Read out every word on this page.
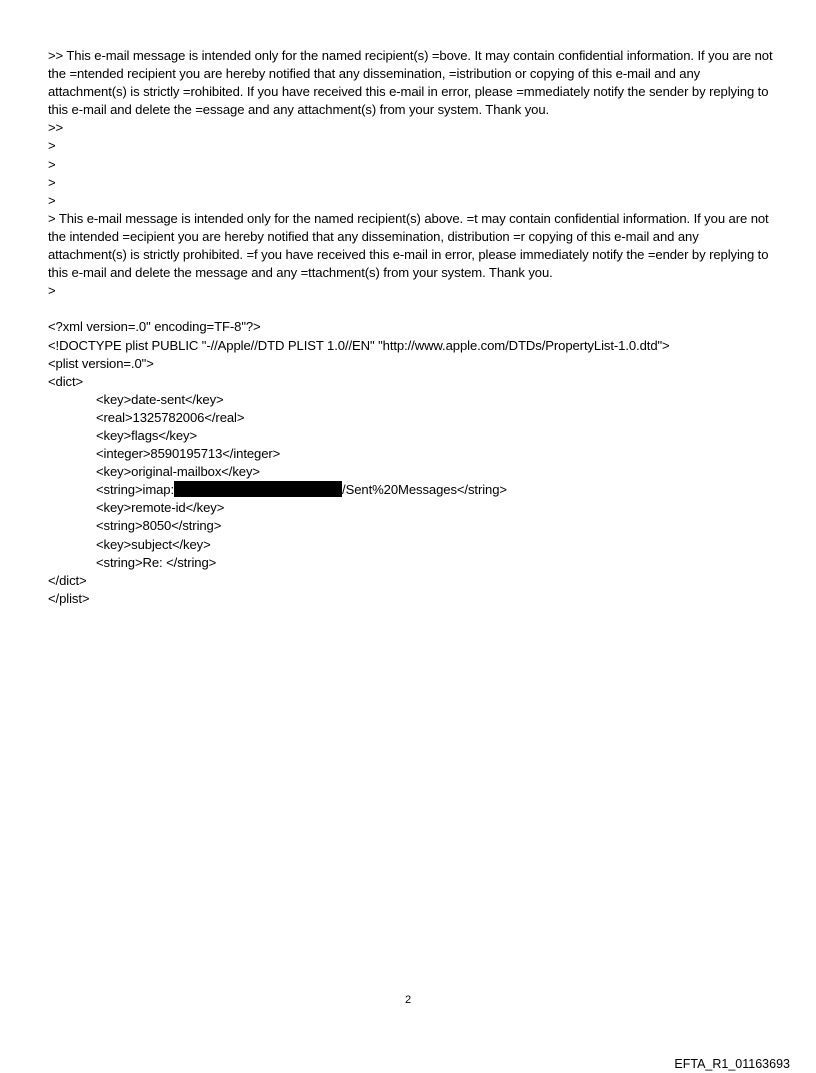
>> This e-mail message is intended only for the named recipient(s) =bove. It may contain confidential information. If you are not the =ntended recipient you are hereby notified that any dissemination, =istribution or copying of this e-mail and any attachment(s) is strictly =rohibited. If you have received this e-mail in error, please =mmediately notify the sender by replying to this e-mail and delete the =essage and any attachment(s) from your system. Thank you.

>>
>
>
>
>

> This e-mail message is intended only for the named recipient(s) above. =t may contain confidential information. If you are not the intended =ecipient you are hereby notified that any dissemination, distribution =r copying of this e-mail and any attachment(s) is strictly prohibited. =f you have received this e-mail in error, please immediately notify the =ender by replying to this e-mail and delete the message and any =ttachment(s) from your system. Thank you.

>
<?xml version=.0" encoding=TF-8"?>
<!DOCTYPE plist PUBLIC "-//Apple//DTD PLIST 1.0//EN" "http://www.apple.com/DTDs/PropertyList-1.0.dtd">
<plist version=.0">
<dict>
<key>date-sent</key>
<real>1325782006</real>
<key>flags</key>
<integer>8590195713</integer>
<key>original-mailbox</key>
<string>imap:	/Sent%20Messages</string>
<key>remote-id</key>
<string>8050</string>
<key>subject</key>
<string>Re: </string>
</dict>
</plist>
2
EFTA_R1_01163693
